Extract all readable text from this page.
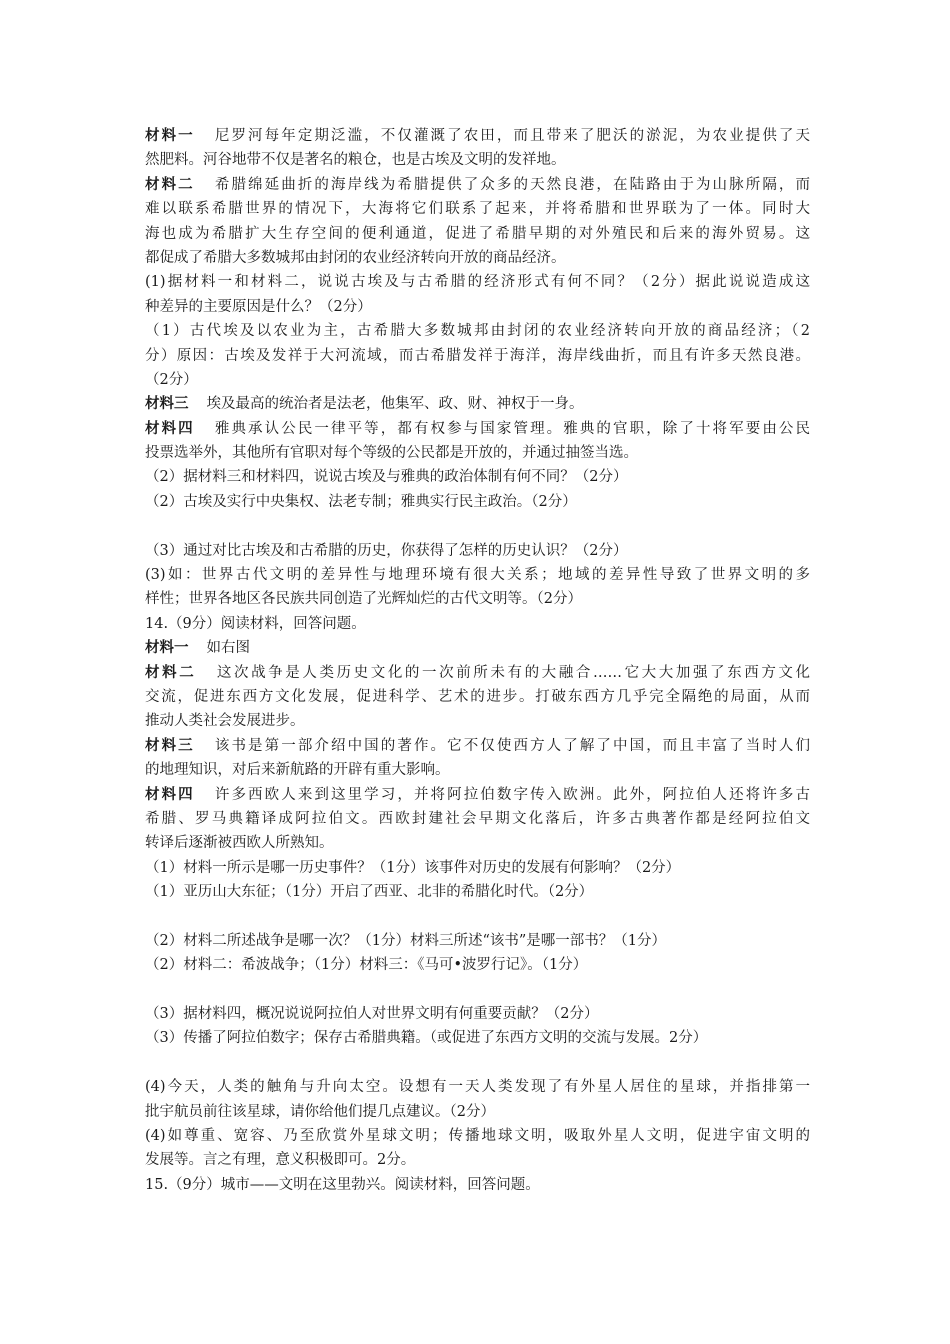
材料一 尼罗河每年定期泛滥，不仅灌溉了农田，而且带来了肥沃的淤泥，为农业提供了天
然肥料。河谷地带不仅是著名的粮仓，也是古埃及文明的发祥地。
材料二 希腊绵延曲折的海岸线为希腊提供了众多的天然良港，在陆路由于为山脉所隔，而
难以联系希腊世界的情况下，大海将它们联系了起来，并将希腊和世界联为了一体。同时大
海也成为希腊扩大生存空间的便利通道，促进了希腊早期的对外殖民和后来的海外贸易。这
都促成了希腊大多数城邦由封闭的农业经济转向开放的商品经济。
(1)据材料一和材料二，说说古埃及与古希腊的经济形式有何不同？（2分）据此说说造成这
种差异的主要原因是什么？（2分）
（1）古代埃及以农业为主，古希腊大多数城邦由封闭的农业经济转向开放的商品经济；（2
分）原因：古埃及发祥于大河流域，而古希腊发祥于海洋，海岸线曲折，而且有许多天然良港。
（2分）
材料三 埃及最高的统治者是法老，他集军、政、财、神权于一身。
材料四 雅典承认公民一律平等，都有权参与国家管理。雅典的官职，除了十将军要由公民
投票选举外，其他所有官职对每个等级的公民都是开放的，并通过抽签当选。
（2）据材料三和材料四，说说古埃及与雅典的政治体制有何不同？（2分）
（2）古埃及实行中央集权、法老专制；雅典实行民主政治。（2分）
（3）通过对比古埃及和古希腊的历史，你获得了怎样的历史认识？（2分）
(3)如：世界古代文明的差异性与地理环境有很大关系；地域的差异性导致了世界文明的多
样性；世界各地区各民族共同创造了光辉灿烂的古代文明等。（2分）
14.（9分）阅读材料，回答问题。
材料一 如右图
材料二 这次战争是人类历史文化的一次前所未有的大融合……它大大加强了东西方文化
交流，促进东西方文化发展，促进科学、艺术的进步。打破东西方几乎完全隔绝的局面，从而
推动人类社会发展进步。
材料三 该书是第一部介绍中国的著作。它不仅使西方人了解了中国，而且丰富了当时人们
的地理知识，对后来新航路的开辟有重大影响。
材料四 许多西欧人来到这里学习，并将阿拉伯数字传入欧洲。此外，阿拉伯人还将许多古
希腊、罗马典籍译成阿拉伯文。西欧封建社会早期文化落后，许多古典著作都是经阿拉伯文
转译后逐渐被西欧人所熟知。
（1）材料一所示是哪一历史事件？（1分）该事件对历史的发展有何影响？（2分）
（1）亚历山大东征；（1分）开启了西亚、北非的希腊化时代。（2分）
（2）材料二所述战争是哪一次？（1分）材料三所述“该书”是哪一部书？（1分）
（2）材料二：希波战争；（1分）材料三：《马可•波罗行记》。（1分）
（3）据材料四，概况说说阿拉伯人对世界文明有何重要贡献？（2分）
（3）传播了阿拉伯数字；保存古希腊典籍。（或促进了东西方文明的交流与发展。2分）
(4)今天，人类的触角与升向太空。设想有一天人类发现了有外星人居住的星球，并指排第一
批宇航员前往该星球，请你给他们提几点建议。（2分）
(4)如尊重、宽容、乃至欣赏外星球文明；传播地球文明，吸取外星人文明，促进宇宙文明的
发展等。言之有理，意义积极即可。2分。
15.（9分）城市——文明在这里勃兴。阅读材料，回答问题。
